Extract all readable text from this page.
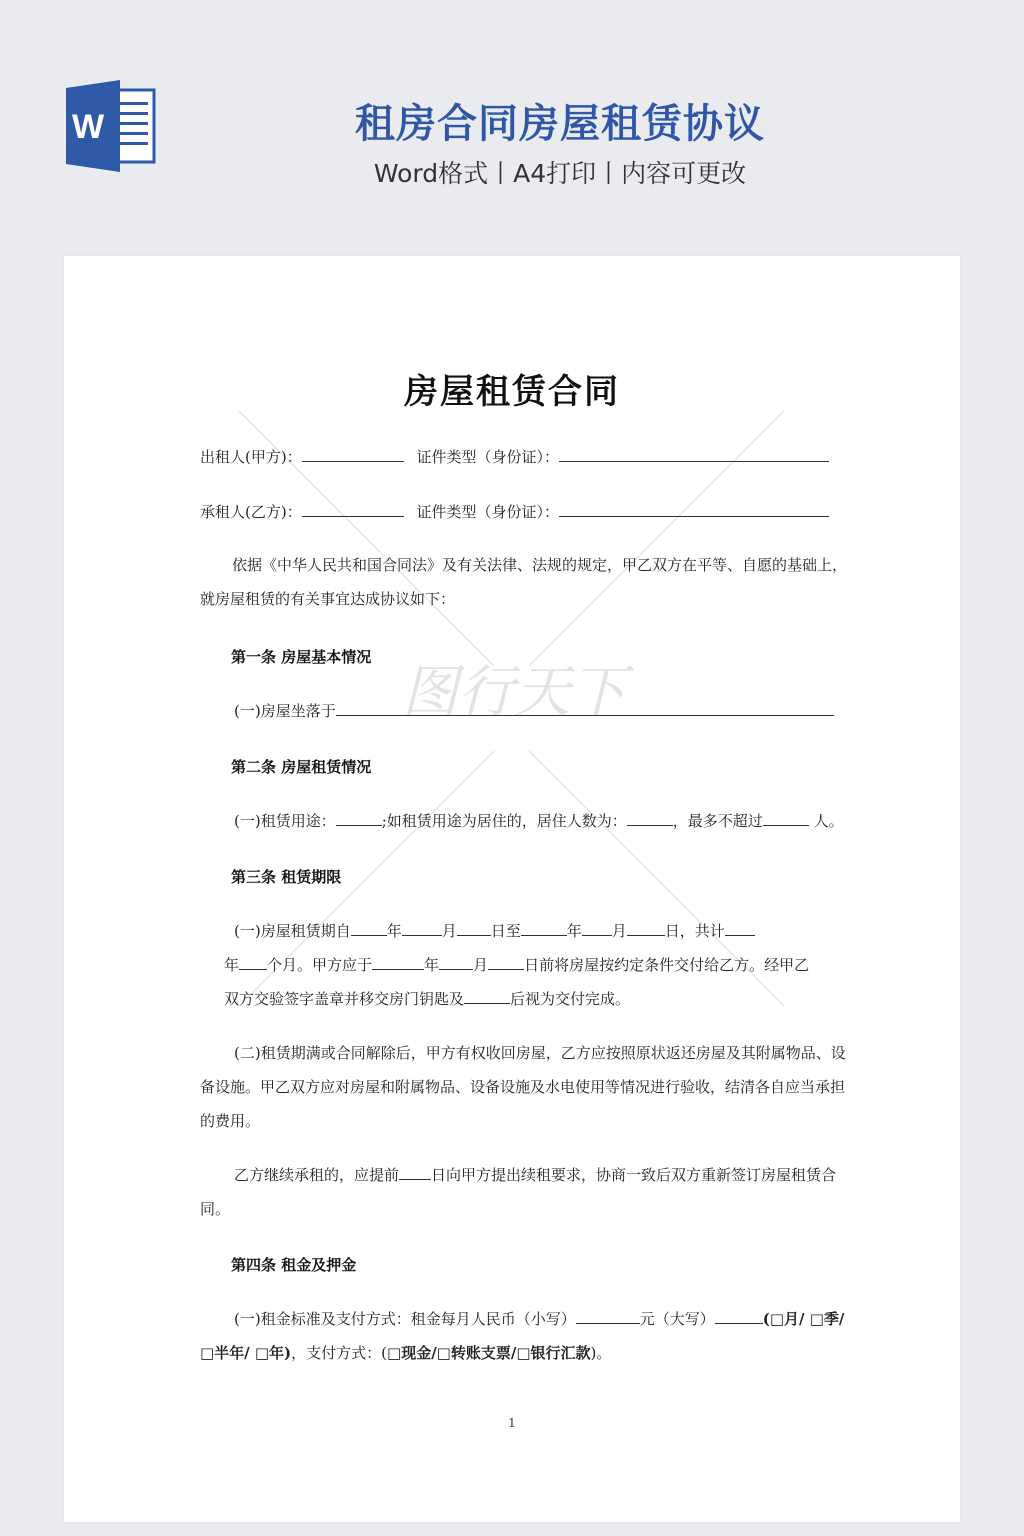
W	租房合同房屋租赁协议

Word格式丨A4打印丨内容可更改

图行天下
房屋租赁合同
出租人(甲方)：	证件类型（身份证）：
承租人(乙方)：	证件类型（身份证）：

依据《中华人民共和国合同法》及有关法律、法规的规定，甲乙双方在平等、自愿的基础上，就房屋租赁的有关事宜达成协议如下：

第一条 房屋基本情况
(一)房屋坐落于
第二条 房屋租赁情况
(一)租赁用途：	;如租赁用途为居住的，居住人数为：	，最多不超过	人。
第三条 租赁期限
(一)房屋租赁期自 年	月 日至	年 月	日，共计
年 个月。甲方应于	年 月 日前将房屋按约定条件交付给乙方。经甲乙
双方交验签字盖章并移交房门钥匙及	后视为交付完成。

(二)租赁期满或合同解除后，甲方有权收回房屋，乙方应按照原状返还房屋及其附属物品、设备设施。甲乙双方应对房屋和附属物品、设备设施及水电使用等情况进行验收，结清各自应当承担的费用。

乙方继续承租的，应提前 日向甲方提出续租要求，协商一致后双方重新签订房屋租赁合同。
第四条 租金及押金
(一)租金标准及支付方式：租金每月人民币（小写）	元（大写）	(□月/ □季/ □半年/ □年)，支付方式：(□现金/□转账支票/□银行汇款)。
1
